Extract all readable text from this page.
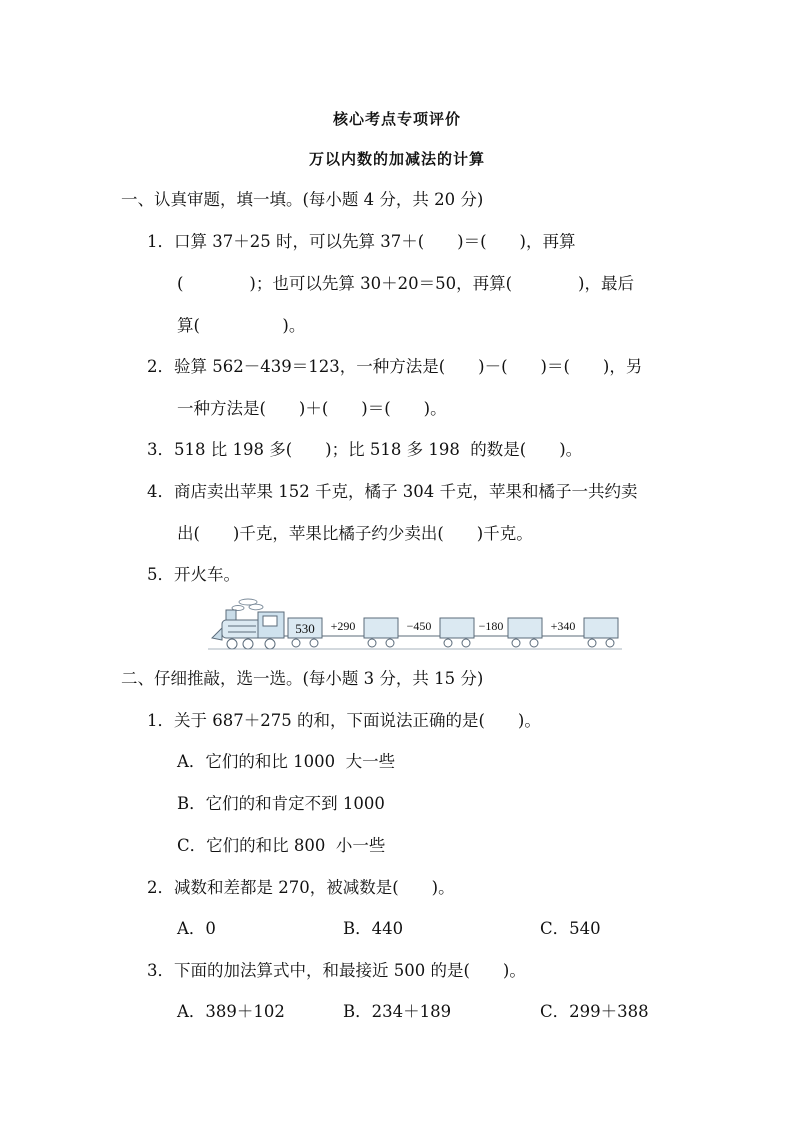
核心考点专项评价
万以内数的加减法的计算
一、认真审题，填一填。(每小题 4 分，共 20 分)
1．口算 37＋25 时，可以先算 37＋(　　)＝(　　)，再算
(　　　　)；也可以先算 30＋20＝50，再算(　　　　)，最后
算(　　　　　)。
2．验算 562－439＝123，一种方法是(　　)－(　　)＝(　　)，另
一种方法是(　　)＋(　　)＝(　　)。
3．518 比 198 多(　　)；比 518 多 198  的数是(　　)。
4．商店卖出苹果 152 千克，橘子 304 千克，苹果和橘子一共约卖
出(　　)千克，苹果比橘子约少卖出(　　)千克。
5．开火车。
530 +290	−450	−180	+340
二、仔细推敲，选一选。(每小题 3 分，共 15 分)
1．关于 687＋275 的和，下面说法正确的是(　　)。
A．它们的和比 1000  大一些
B．它们的和肯定不到 1000
C．它们的和比 800  小一些
2．减数和差都是 270，被减数是(　　)。
A．0	B．440	C．540
3．下面的加法算式中，和最接近 500 的是(　　)。
A．389＋102	B．234＋189	C．299＋388
